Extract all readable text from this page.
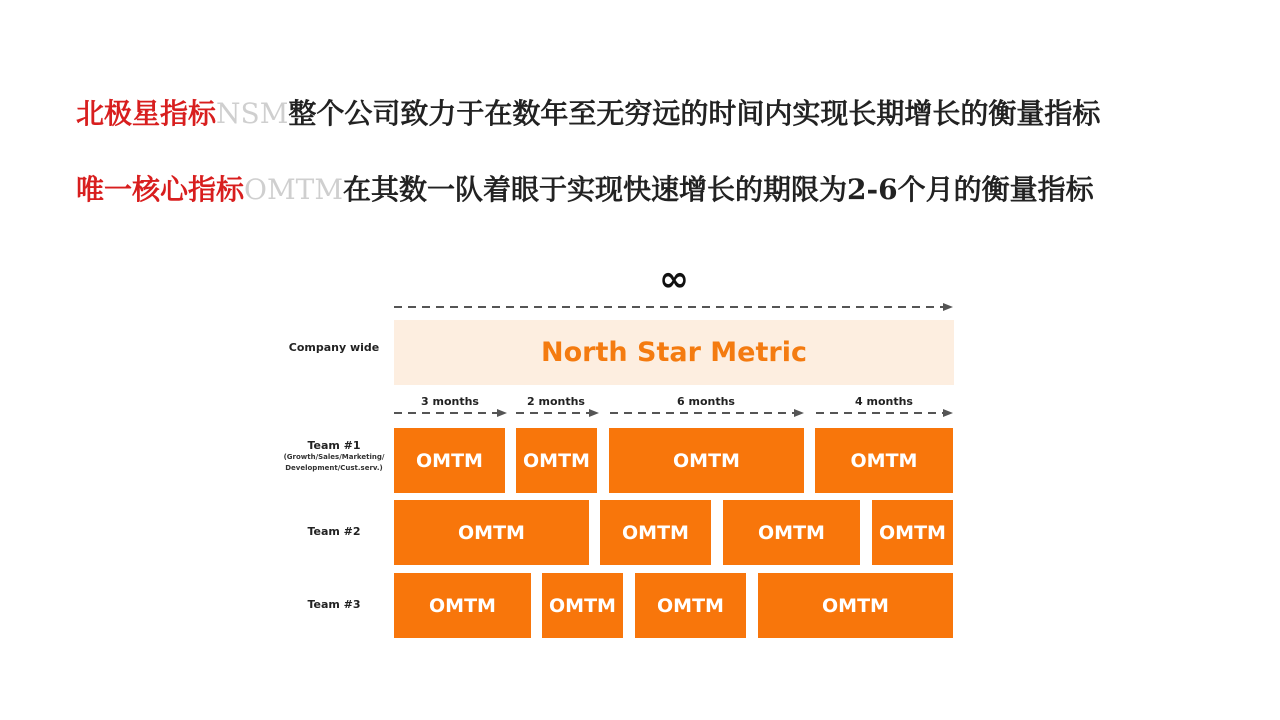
北极星指标NSM整个公司致力于在数年至无穷远的时间内实现长期增长的衡量指标

唯一核心指标OMTM在其数一队着眼于实现快速增长的期限为2-6个月的衡量指标

∞
Company wide	North Star Metric
3 months	2 months	6 months	4 months
Team #1
(Growth/Sales/Marketing/
Development/Cust.serv.)	OMTM	OMTM	OMTM	OMTM
Team #2	OMTM	OMTM	OMTM	OMTM
Team #3	OMTM	OMTM	OMTM	OMTM
